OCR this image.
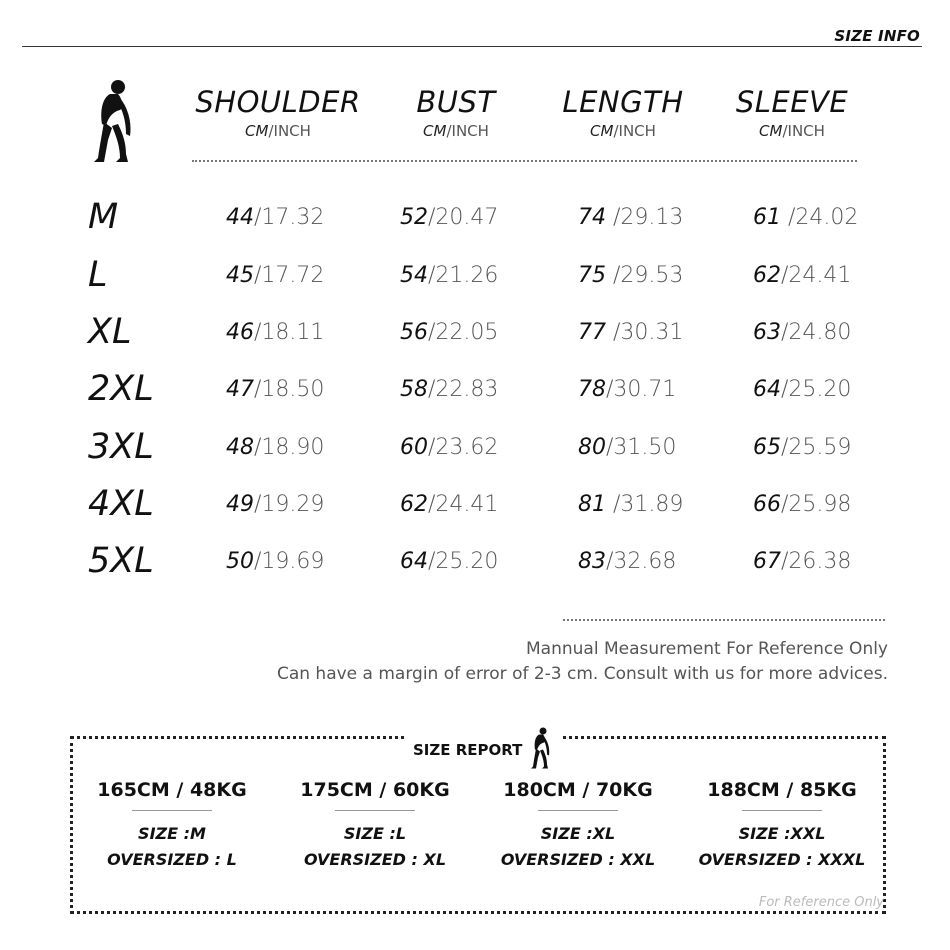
SIZE INFO
SHOULDER
CM/INCH
BUST
CM/INCH
LENGTH
CM/INCH
SLEEVE
CM/INCH
M	44/17.32	52/20.47	74 /29.13	61 /24.02
L	45/17.72	54/21.26	75 /29.53	62/24.41
XL	46/18.11	56/22.05	77 /30.31	63/24.80
2XL	47/18.50	58/22.83	78/30.71	64/25.20
3XL	48/18.90	60/23.62	80/31.50	65/25.59
4XL	49/19.29	62/24.41	81 /31.89	66/25.98
5XL	50/19.69	64/25.20	83/32.68	67/26.38
Mannual Measurement For Reference Only
Can have a margin of error of 2-3 cm. Consult with us for more advices.
SIZE REPORT
165CM / 48KG
SIZE :M
OVERSIZED : L
175CM / 60KG
SIZE :L
OVERSIZED : XL
180CM / 70KG
SIZE :XL
OVERSIZED : XXL
188CM / 85KG
SIZE :XXL
OVERSIZED : XXXL
For Reference Only
